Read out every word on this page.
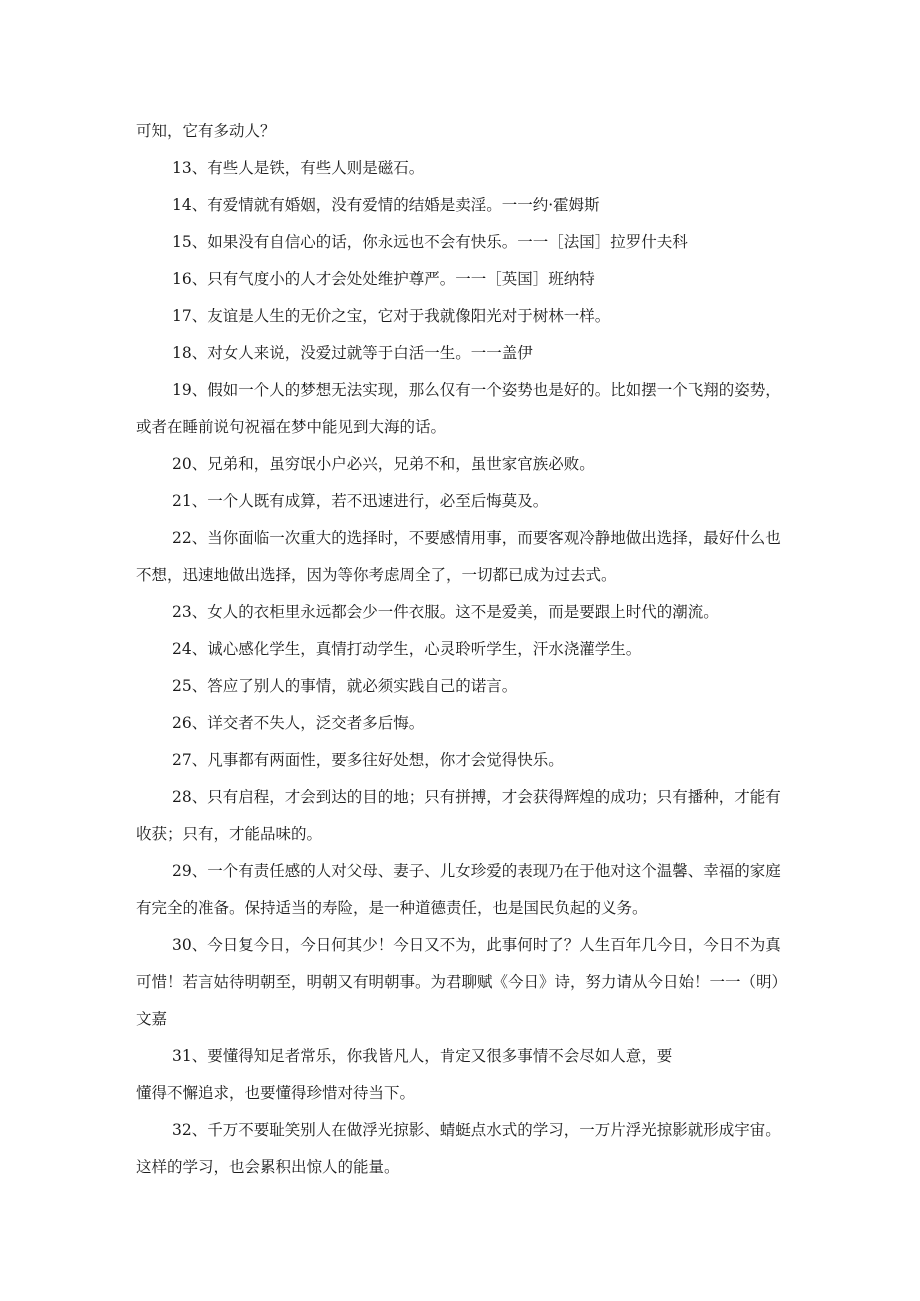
可知，它有多动人？

13、有些人是铁，有些人则是磁石。

14、有爱情就有婚姻，没有爱情的结婚是卖淫。一一约·霍姆斯

15、如果没有自信心的话，你永远也不会有快乐。一一［法国］拉罗什夫科

16、只有气度小的人才会处处维护尊严。一一［英国］班纳特

17、友谊是人生的无价之宝，它对于我就像阳光对于树林一样。

18、对女人来说，没爱过就等于白活一生。一一盖伊

19、假如一个人的梦想无法实现，那么仅有一个姿势也是好的。比如摆一个飞翔的姿势，或者在睡前说句祝福在梦中能见到大海的话。

20、兄弟和，虽穷氓小户必兴，兄弟不和，虽世家官族必败。

21、一个人既有成算，若不迅速进行，必至后悔莫及。

22、当你面临一次重大的选择时，不要感情用事，而要客观冷静地做出选择，最好什么也不想，迅速地做出选择，因为等你考虑周全了，一切都已成为过去式。

23、女人的衣柜里永远都会少一件衣服。这不是爱美，而是要跟上时代的潮流。

24、诚心感化学生，真情打动学生，心灵聆听学生，汗水浇灌学生。

25、答应了别人的事情，就必须实践自己的诺言。

26、详交者不失人，泛交者多后悔。

27、凡事都有两面性，要多往好处想，你才会觉得快乐。

28、只有启程，才会到达的目的地；只有拼搏，才会获得辉煌的成功；只有播种，才能有收获；只有，才能品味的。

29、一个有责任感的人对父母、妻子、儿女珍爱的表现乃在于他对这个温馨、幸福的家庭有完全的准备。保持适当的寿险，是一种道德责任，也是国民负起的义务。

30、今日复今日，今日何其少！今日又不为，此事何时了？人生百年几今日，今日不为真可惜！若言姑待明朝至，明朝又有明朝事。为君聊赋《今日》诗，努力请从今日始！一一（明）文嘉

31、要懂得知足者常乐，你我皆凡人，肯定又很多事情不会尽如人意，要
懂得不懈追求，也要懂得珍惜对待当下。

32、千万不要耻笑别人在做浮光掠影、蜻蜓点水式的学习，一万片浮光掠影就形成宇宙。这样的学习，也会累积出惊人的能量。
